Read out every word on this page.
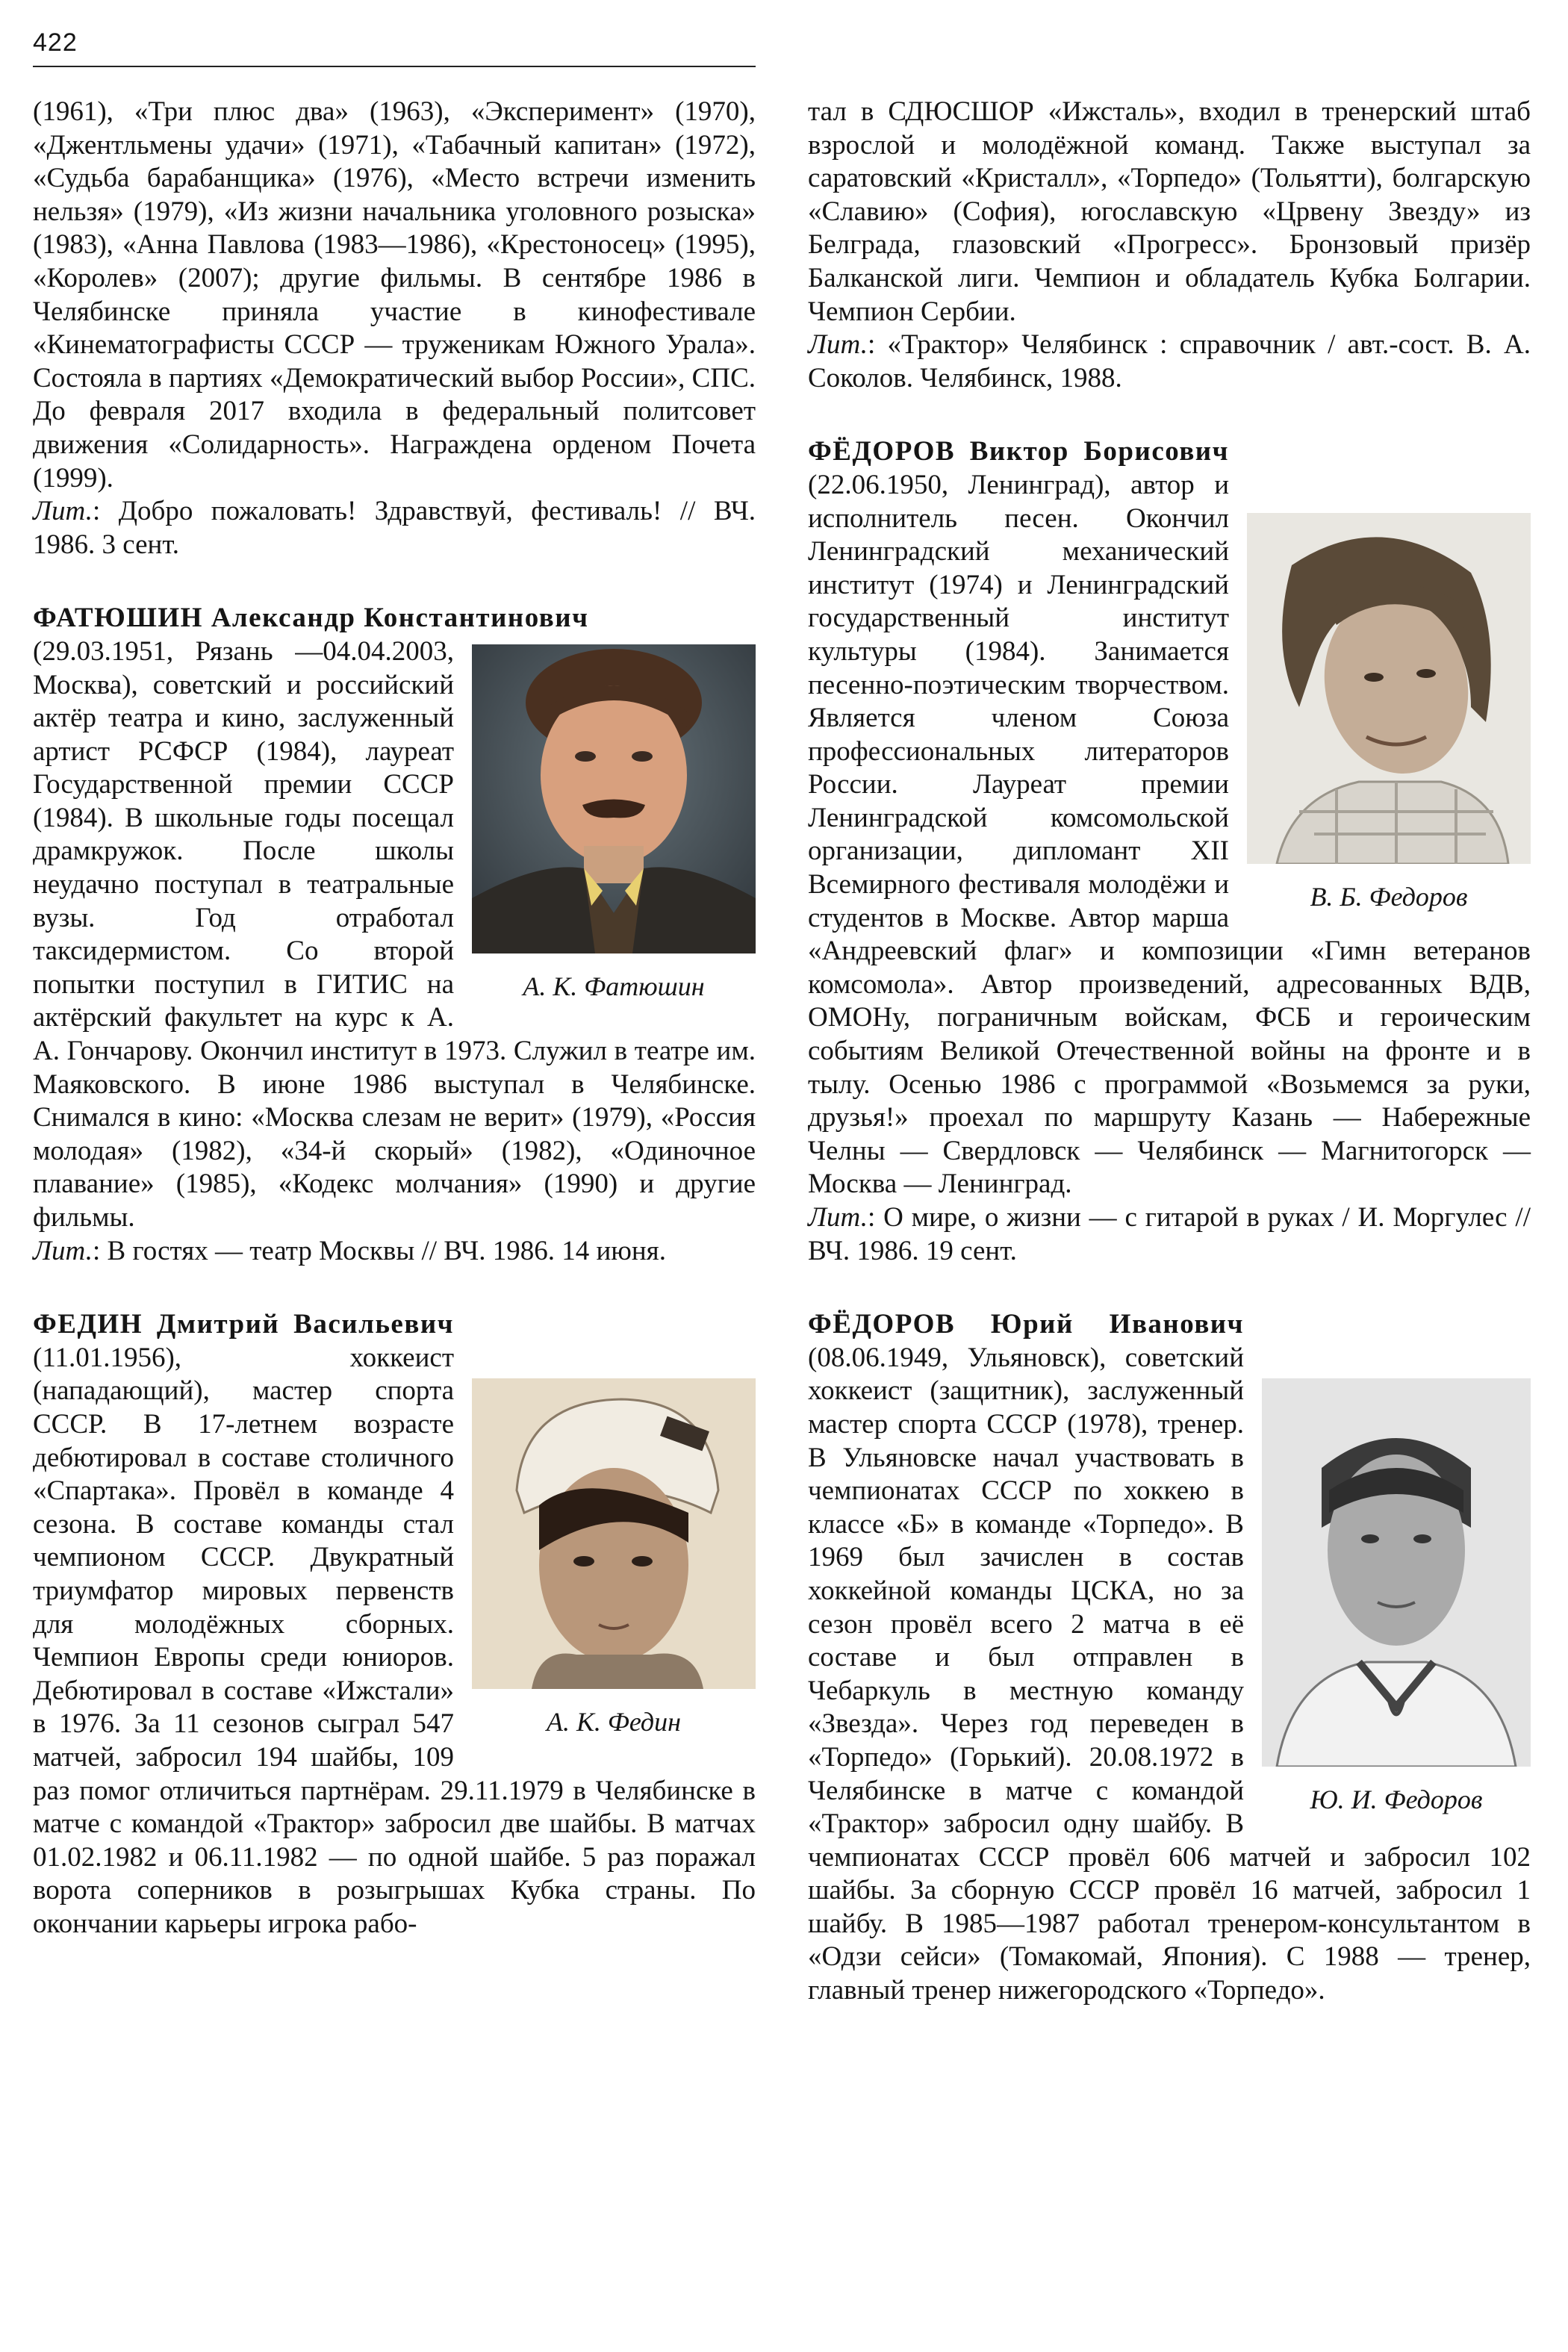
422

(1961), «Три плюс два» (1963), «Эксперимент» (1970), «Джентльмены удачи» (1971), «Табачный капитан» (1972), «Судьба барабанщика» (1976), «Место встречи изменить нельзя» (1979), «Из жизни начальника уголовного розыска» (1983), «Анна Павлова (1983—1986), «Крестоносец» (1995), «Королев» (2007); другие фильмы. В сентябре 1986 в Челябинске приняла участие в кинофестивале «Кинематографисты СССР — труженикам Южного Урала». Состояла в партиях «Демократический выбор России», СПС. До февраля 2017 входила в федеральный политсовет движения «Солидарность». Награждена орденом Почета (1999).

Лит.: Добро пожаловать! Здравствуй, фестиваль! // ВЧ. 1986. 3 сент.

ФАТЮШИН Александр Константинович

А. К. Фатюшин

(29.03.1951, Рязань —04.04.2003, Москва), советский и российский актёр театра и кино, заслуженный артист РСФСР (1984), лауреат Государственной премии СССР (1984). В школьные годы посещал драмкружок. После школы неудачно поступал в театральные вузы. Год отработал таксидермистом. Со второй попытки поступил в ГИТИС на актёрский факультет на курс к А. А. Гончарову. Окончил институт в 1973. Служил в театре им. Маяковского. В июне 1986 выступал в Челябинске. Снимался в кино: «Москва слезам не верит» (1979), «Россия молодая» (1982), «34-й скорый» (1982), «Одиночное плавание» (1985), «Кодекс молчания» (1990) и другие фильмы.

Лит.: В гостях — театр Москвы // ВЧ. 1986. 14 июня.

А. К. Федин

ФЕДИН Дмитрий Васильевич (11.01.1956), хоккеист (нападающий), мастер спорта СССР. В 17-летнем возрасте дебютировал в составе столичного «Спартака». Провёл в команде 4 сезона. В составе команды стал чемпионом СССР. Двукратный триумфатор мировых первенств для молодёжных сборных. Чемпион Европы среди юниоров. Дебютировал в составе «Ижстали» в 1976. За 11 сезонов сыграл 547 матчей, забросил 194 шайбы, 109 раз помог отличиться партнёрам. 29.11.1979 в Челябинске в матче с командой «Трактор» забросил две шайбы. В матчах 01.02.1982 и 06.11.1982 — по одной шайбе. 5 раз поражал ворота соперников в розыгрышах Кубка страны. По окончании карьеры игрока рабо-

тал в СДЮСШОР «Ижсталь», входил в тренерский штаб взрослой и молодёжной команд. Также выступал за саратовский «Кристалл», «Торпедо» (Тольятти), болгарскую «Славию» (София), югославскую «Црвену Звезду» из Белграда, глазовский «Прогресс». Бронзовый призёр Балканской лиги. Чемпион и обладатель Кубка Болгарии. Чемпион Сербии.

Лит.: «Трактор» Челябинск : справочник / авт.-сост. В. А. Соколов. Челябинск, 1988.

В. Б. Федоров

ФЁДОРОВ Виктор Борисович (22.06.1950, Ленинград), автор и исполнитель песен. Окончил Ленинградский механический институт (1974) и Ленинградский государственный институт культуры (1984). Занимается песенно-поэтическим творчеством. Является членом Союза профессиональных литераторов России. Лауреат премии Ленинградской комсомольской организации, дипломант XII Всемирного фестиваля молодёжи и студентов в Москве. Автор марша «Андреевский флаг» и композиции «Гимн ветеранов комсомола». Автор произведений, адресованных ВДВ, ОМОНу, пограничным войскам, ФСБ и героическим событиям Великой Отечественной войны на фронте и в тылу. Осенью 1986 с программой «Возьмемся за руки, друзья!» проехал по маршруту Казань — Набережные Челны — Свердловск — Челябинск — Магнитогорск — Москва — Ленинград.

Лит.: О мире, о жизни — с гитарой в руках / И. Моргулес // ВЧ. 1986. 19 сент.

Ю. И. Федоров

ФЁДОРОВ Юрий Иванович (08.06.1949, Ульяновск), советский хоккеист (защитник), заслуженный мастер спорта СССР (1978), тренер. В Ульяновске начал участвовать в чемпионатах СССР по хоккею в классе «Б» в команде «Торпедо». В 1969 был зачислен в состав хоккейной команды ЦСКА, но за сезон провёл всего 2 матча в её составе и был отправлен в Чебаркуль в местную команду «Звезда». Через год переведен в «Торпедо» (Горький). 20.08.1972 в Челябинске в матче с командой «Трактор» забросил одну шайбу. В чемпионатах СССР провёл 606 матчей и забросил 102 шайбы. За сборную СССР провёл 16 матчей, забросил 1 шайбу. В 1985—1987 работал тренером-консультантом в «Одзи сейси» (Томакомай, Япония). С 1988 — тренер, главный тренер нижегородского «Торпедо».
